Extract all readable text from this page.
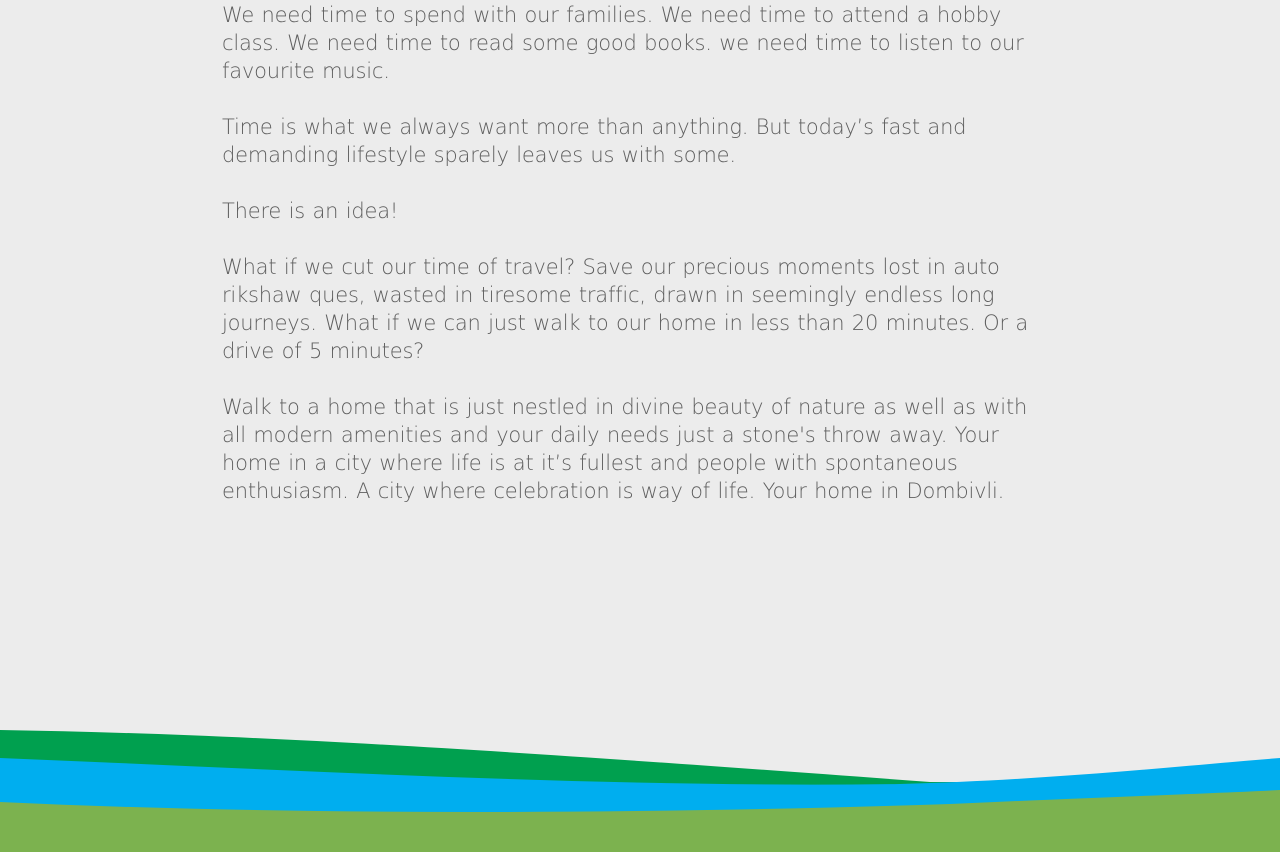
We need time to spend with our families. We need time to attend a hobby class. We need time to read some good books. we need time to listen to our favourite music.

Time is what we always want more than anything. But today’s fast and demanding lifestyle sparely leaves us with some.

There is an idea!

What if we cut our time of travel? Save our precious moments lost in auto rikshaw ques, wasted in tiresome traffic, drawn in seemingly endless long journeys. What if we can just walk to our home in less than 20 minutes. Or a drive of 5 minutes?

Walk to a home that is just nestled in divine beauty of nature as well as with all modern amenities and your daily needs just a stone's throw away. Your home in a city where life is at it’s fullest and people with spontaneous enthusiasm. A city where celebration is way of life. Your home in Dombivli.
